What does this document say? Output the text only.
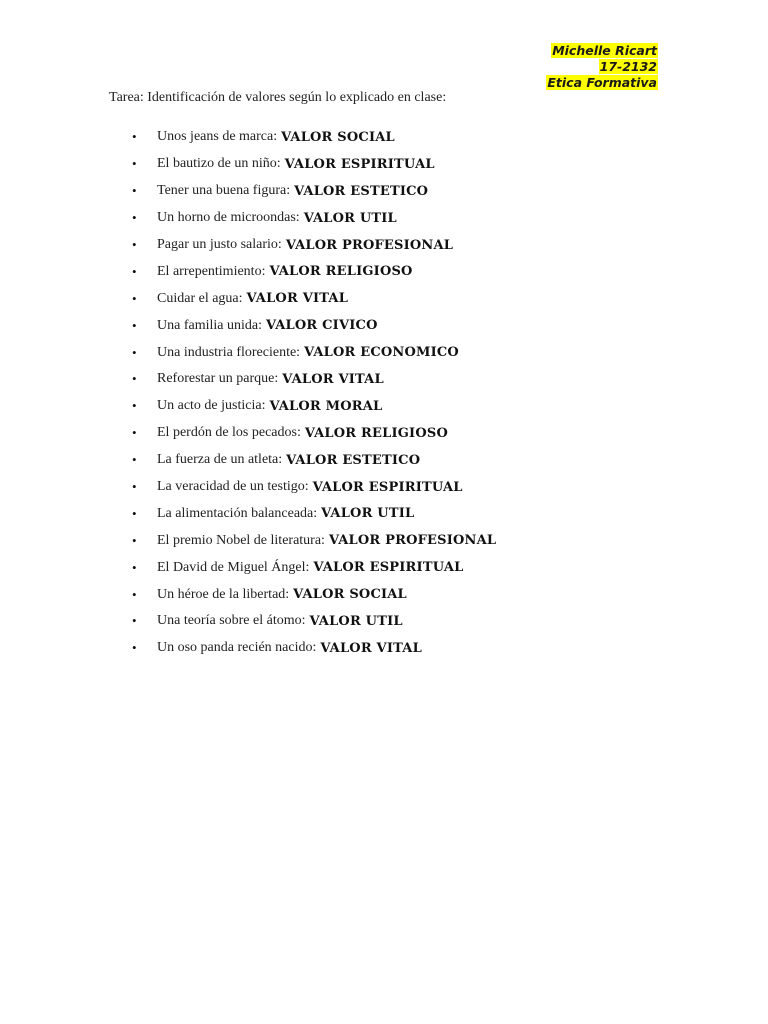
Michelle Ricart
17-2132
Etica Formativa
Tarea: Identificación de valores según lo explicado en clase:
•	Unos jeans de marca: VALOR SOCIAL
•	El bautizo de un niño: VALOR ESPIRITUAL
•	Tener una buena figura: VALOR ESTETICO
•	Un horno de microondas: VALOR UTIL
•	Pagar un justo salario: VALOR PROFESIONAL
•	El arrepentimiento: VALOR RELIGIOSO
•	Cuidar el agua: VALOR VITAL
•	Una familia unida: VALOR CIVICO
•	Una industria floreciente: VALOR ECONOMICO
•	Reforestar un parque: VALOR VITAL
•	Un acto de justicia: VALOR MORAL
•	El perdón de los pecados: VALOR RELIGIOSO
•	La fuerza de un atleta: VALOR ESTETICO
•	La veracidad de un testigo: VALOR ESPIRITUAL
•	La alimentación balanceada: VALOR UTIL
•	El premio Nobel de literatura: VALOR PROFESIONAL
•	El David de Miguel Ángel: VALOR ESPIRITUAL
•	Un héroe de la libertad: VALOR SOCIAL
•	Una teoría sobre el átomo: VALOR UTIL
•	Un oso panda recién nacido: VALOR VITAL
